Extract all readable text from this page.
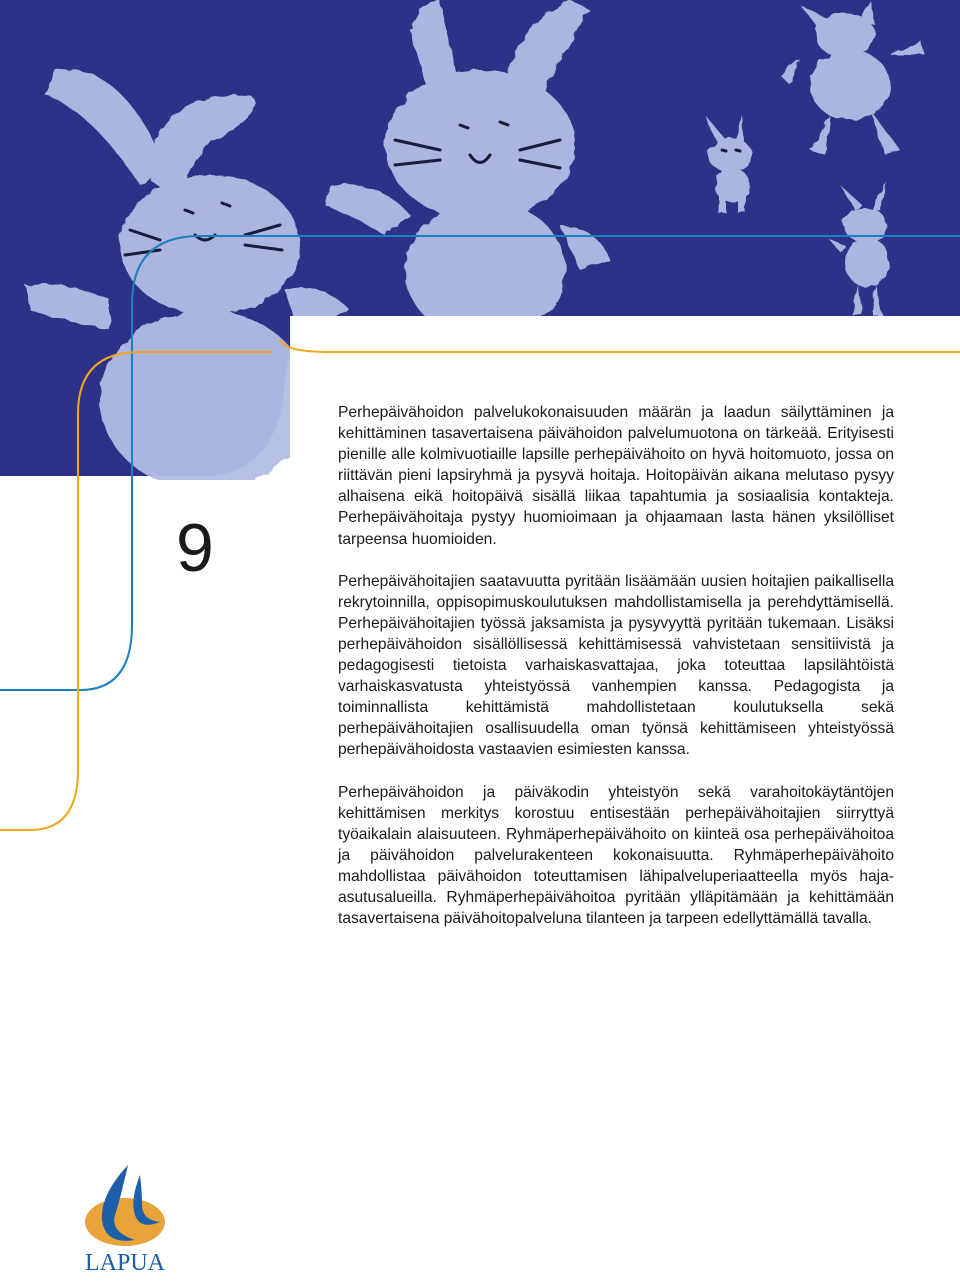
9

Perhepäivähoidon palvelukokonaisuuden määrän ja laadun säilyttäminen ja kehittäminen tasavertaisena päivähoidon palvelumuotona on tärkeää. Erityisesti pienille alle kolmivuotiaille lapsille perhepäivähoito on hyvä hoitomuoto, jossa on riittävän pieni lapsiryhmä ja pysyvä hoitaja. Hoitopäivän aikana melutaso pysyy alhaisena eikä hoitopäivä sisällä liikaa tapahtumia ja sosiaalisia kontakteja. Perhepäivähoitaja pystyy huomioimaan ja ohjaamaan lasta hänen yksilölliset tarpeensa huomioiden.

Perhepäivähoitajien saatavuutta pyritään lisäämään uusien hoitajien paikallisella rekrytoinnilla, oppisopimuskoulutuksen mahdollistamisella ja perehdyttämisellä. Perhepäivähoitajien työssä jaksamista ja pysyvyyttä pyritään tukemaan. Lisäksi perhepäivähoidon sisällöllisessä kehittämisessä vahvistetaan sensitiivistä ja pedagogisesti tietoista varhaiskasvattajaa, joka toteuttaa lapsilähtöistä varhaiskasvatusta yhteistyössä vanhempien kanssa. Pedagogista ja toiminnallista kehittämistä mahdollistetaan koulutuksella sekä perhepäivähoitajien osallisuudella oman työnsä kehittämiseen yhteistyössä perhepäivähoidosta vastaavien esimiesten kanssa.

Perhepäivähoidon ja päiväkodin yhteistyön sekä varahoitokäytäntöjen kehittämisen merkitys korostuu entisestään perhepäivähoitajien siirryttyä työaikalain alaisuuteen. Ryhmäperhepäivähoito on kiinteä osa perhepäivähoitoa ja päivähoidon palvelurakenteen kokonaisuutta. Ryhmäperhepäivähoito mahdollistaa päivähoidon toteuttamisen lähipalveluperiaatteella myös haja-asutusalueilla. Ryhmäperhepäivähoitoa pyritään ylläpitämään ja kehittämään tasavertaisena päivähoitopalveluna tilanteen ja tarpeen edellyttämällä tavalla.

LAPUA
